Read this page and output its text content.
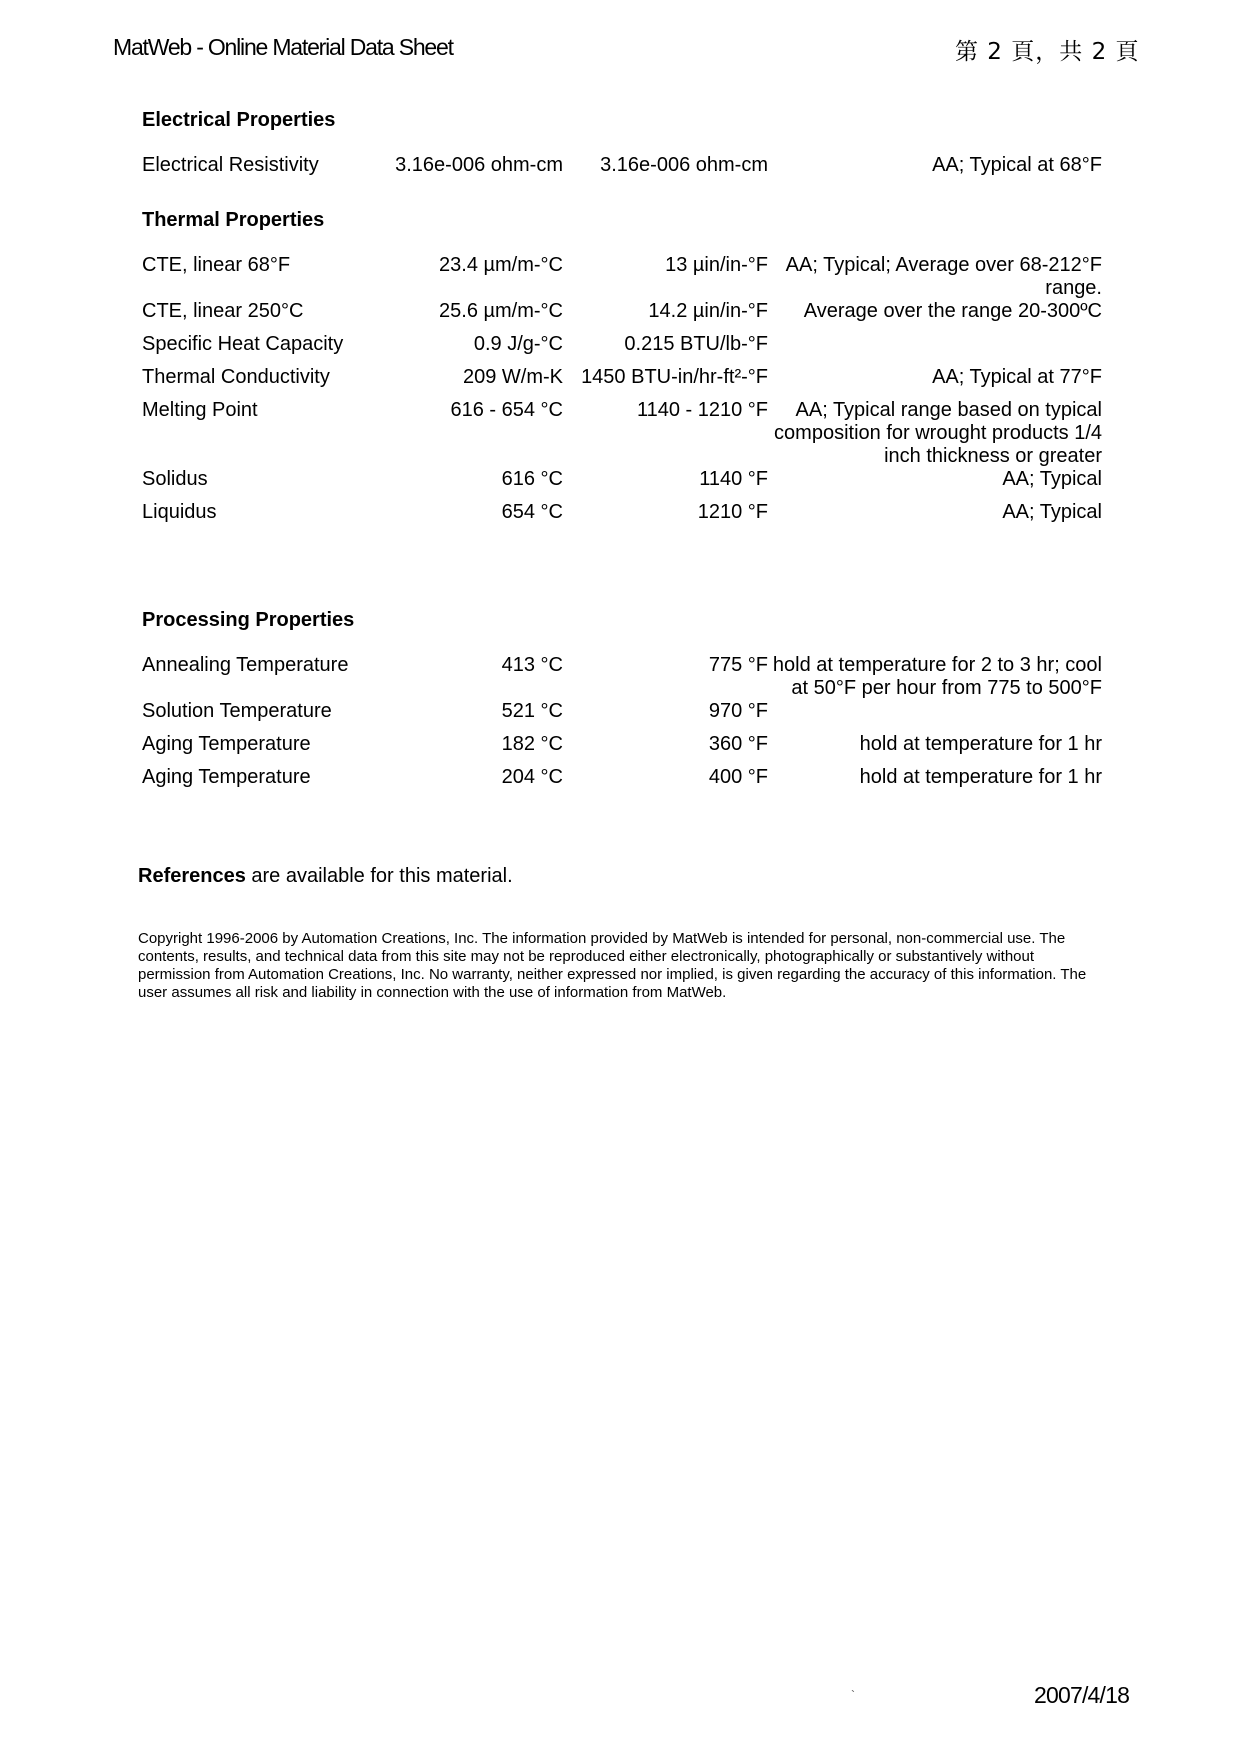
MatWeb - Online Material Data Sheet	第 2 頁，共 2 頁
Electrical Properties
Electrical Resistivity	3.16e-006 ohm-cm	3.16e-006 ohm-cm	AA; Typical at 68°F
Thermal Properties
CTE, linear 68°F	23.4 µm/m-°C	13 µin/in-°F	AA; Typical; Average over 68-212°F range.
CTE, linear 250°C	25.6 µm/m-°C	14.2 µin/in-°F	Average over the range 20-300ºC
Specific Heat Capacity	0.9 J/g-°C	0.215 BTU/lb-°F	
Thermal Conductivity	209 W/m-K	1450 BTU-in/hr-ft²-°F	AA; Typical at 77°F
Melting Point	616 - 654 °C	1140 - 1210 °F	AA; Typical range based on typical composition for wrought products 1/4 inch thickness or greater
Solidus	616 °C	1140 °F	AA; Typical
Liquidus	654 °C	1210 °F	AA; Typical
Processing Properties
Annealing Temperature	413 °C	775 °F	hold at temperature for 2 to 3 hr; cool at 50°F per hour from 775 to 500°F
Solution Temperature	521 °C	970 °F	
Aging Temperature	182 °C	360 °F	hold at temperature for 1 hr
Aging Temperature	204 °C	400 °F	hold at temperature for 1 hr
References are available for this material.
Copyright 1996-2006 by Automation Creations, Inc. The information provided by MatWeb is intended for personal, non-commercial use. The contents, results, and technical data from this site may not be reproduced either electronically, photographically or substantively without permission from Automation Creations, Inc. No warranty, neither expressed nor implied, is given regarding the accuracy of this information. The user assumes all risk and liability in connection with the use of information from MatWeb.
`	2007/4/18
